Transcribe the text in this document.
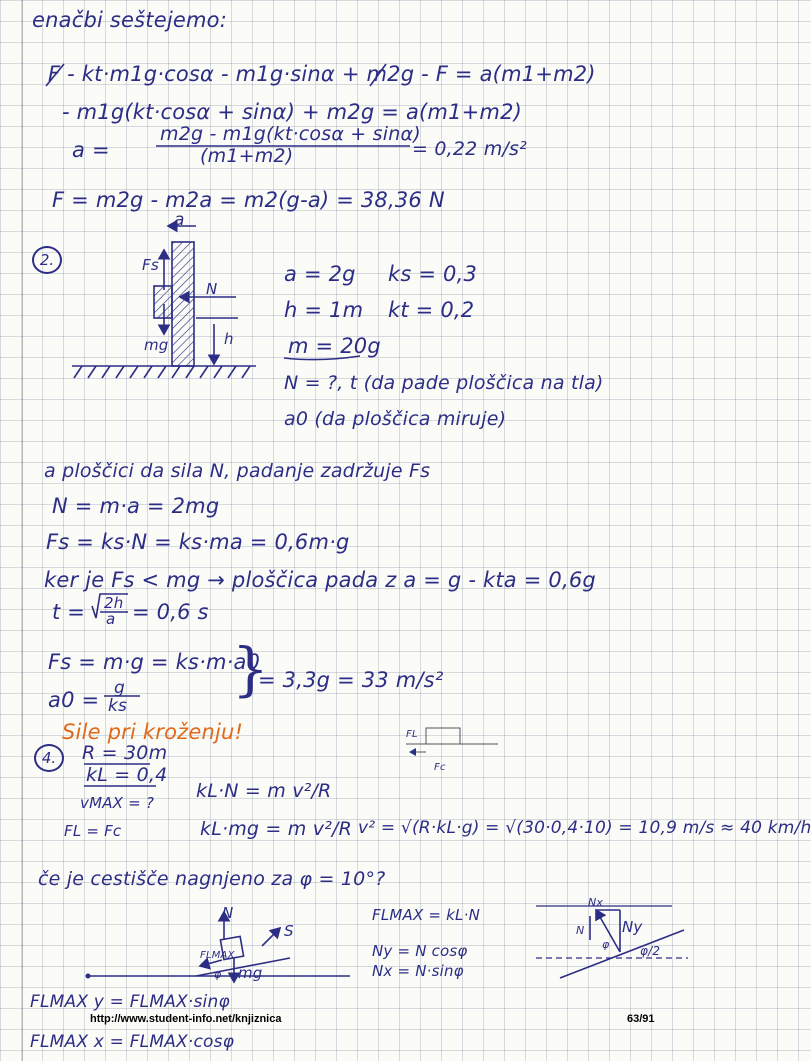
enačbi seštejemo:
F - kt·m1g·cosα - m1g·sinα + m2g - F = a(m1+m2)
- m1g(kt·cosα + sinα) + m2g = a(m1+m2)
a =
m2g - m1g(kt·cosα + sinα)
(m1+m2)	= 0,22 m/s²
F = m2g - m2a = m2(g-a) = 38,36 N
2.
a
Fs
N
mg	h
a = 2g ks = 0,3
h = 1m kt = 0,2
m = 20g
N = ?, t (da pade ploščica na tla)
a0 (da ploščica miruje)
a ploščici da sila N, padanje zadržuje Fs
N = m·a = 2mg
Fs = ks·N = ks·ma = 0,6m·g
ker je Fs < mg → ploščica pada z a = g - kta = 0,6g
t = 2h
a = 0,6 s
Fs = m·g = ks·m·a0
a0 = g
ks
}
= 3,3g = 33 m/s²
Sile pri kroženju!
4.	R = 30m
kL = 0,4
vMAX = ?
FL = Fc
kL·N = m v²/R
kL·mg = m v²/R v² = √(R·kL·g) = √(30·0,4·10) = 10,9 m/s ≈ 40 km/h
FL
Fc
če je cestišče nagnjeno za φ = 10°?
N
S
FLMAX
mg
φ
FLMAX = kL·N
Ny = N cosφ
Nx = N·sinφ
Nx
Ny
N
φ	φ/2
FLMAX y = FLMAX·sinφ
FLMAX x = FLMAX·cosφ
http://www.student-info.net/knjiznica	63/91
